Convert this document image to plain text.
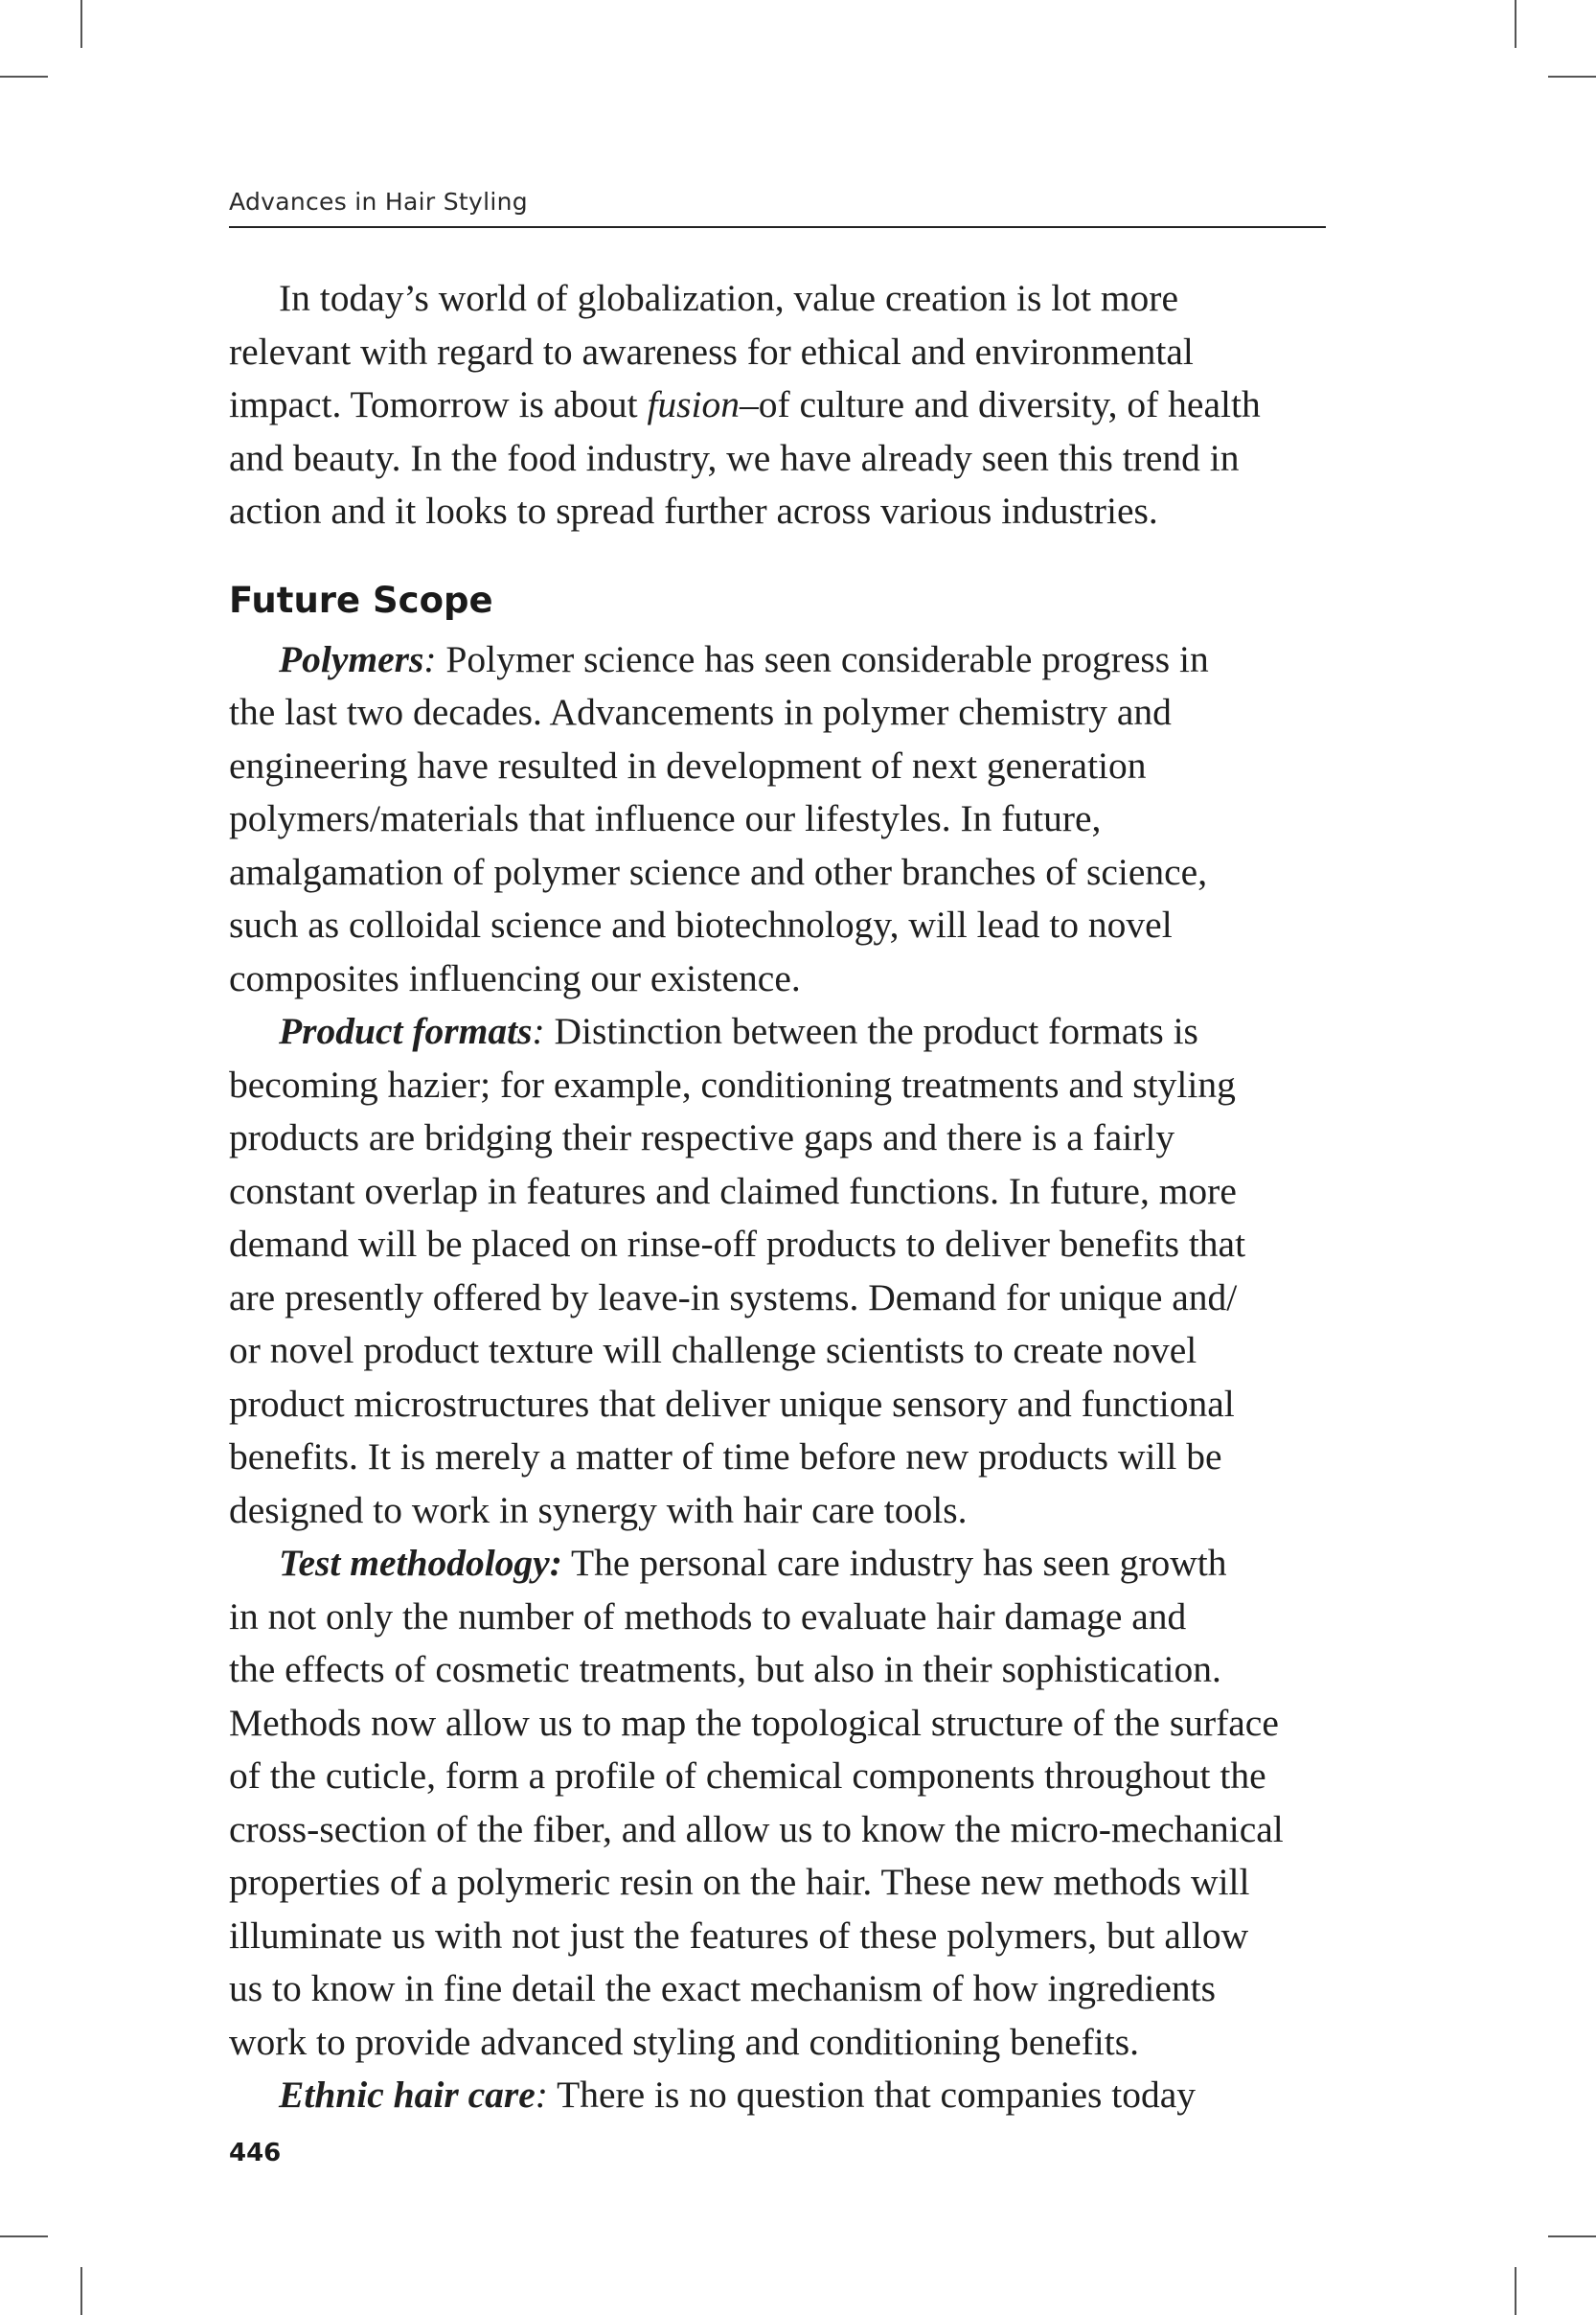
Advances in Hair Styling
In today’s world of globalization, value creation is lot more
relevant with regard to awareness for ethical and environmental
impact. Tomorrow is about fusion–of culture and diversity, of health
and beauty. In the food industry, we have already seen this trend in
action and it looks to spread further across various industries.
Future Scope
Polymers: Polymer science has seen considerable progress in
the last two decades. Advancements in polymer chemistry and
engineering have resulted in development of next generation
polymers/materials that influence our lifestyles. In future,
amalgamation of polymer science and other branches of science,
such as colloidal science and biotechnology, will lead to novel
composites influencing our existence.
Product formats: Distinction between the product formats is
becoming hazier; for example, conditioning treatments and styling
products are bridging their respective gaps and there is a fairly
constant overlap in features and claimed functions. In future, more
demand will be placed on rinse-off products to deliver benefits that
are presently offered by leave-in systems. Demand for unique and/
or novel product texture will challenge scientists to create novel
product microstructures that deliver unique sensory and functional
benefits. It is merely a matter of time before new products will be
designed to work in synergy with hair care tools.
Test methodology: The personal care industry has seen growth
in not only the number of methods to evaluate hair damage and
the effects of cosmetic treatments, but also in their sophistication.
Methods now allow us to map the topological structure of the surface
of the cuticle, form a profile of chemical components throughout the
cross-section of the fiber, and allow us to know the micro-mechanical
properties of a polymeric resin on the hair. These new methods will
illuminate us with not just the features of these polymers, but allow
us to know in fine detail the exact mechanism of how ingredients
work to provide advanced styling and conditioning benefits.
Ethnic hair care: There is no question that companies today
446
